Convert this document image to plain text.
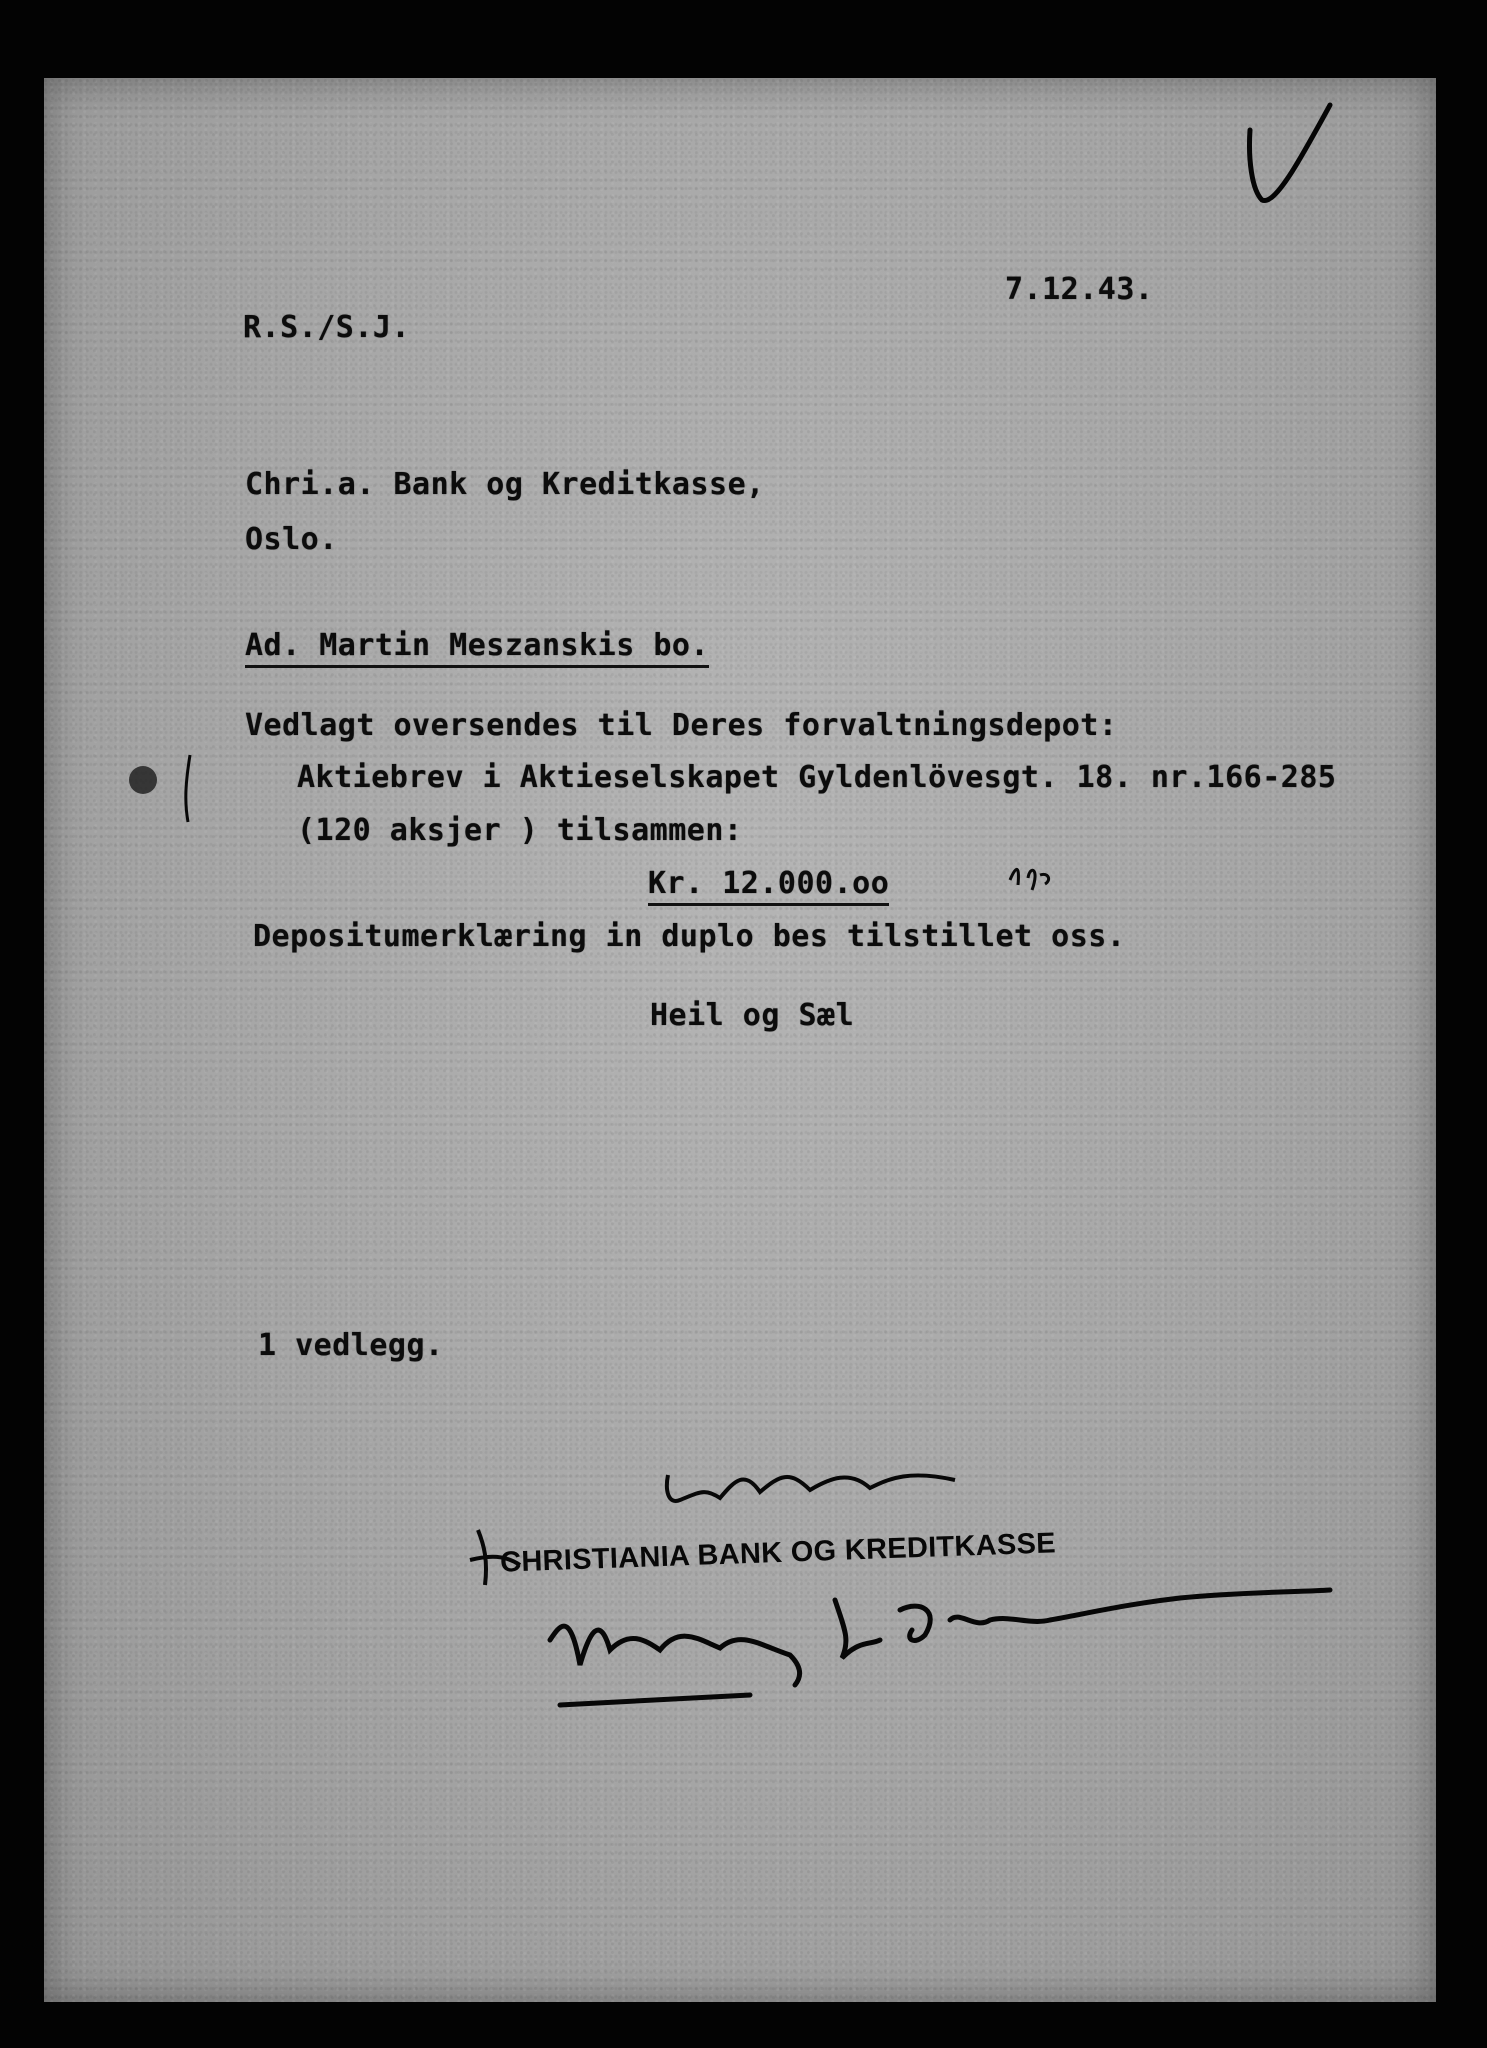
7.12.43.
R.S./S.J.
Chri.a. Bank og Kreditkasse,
Oslo.
Ad. Martin Meszanskis bo.
Vedlagt oversendes til Deres forvaltningsdepot:
Aktiebrev i Aktieselskapet Gyldenlövesgt. 18. nr.166-285
(120 aksjer ) tilsammen:
Kr. 12.000.oo
Depositumerklæring in duplo bes tilstillet oss.
Heil og Sæl
1 vedlegg.
CHRISTIANIA BANK OG KREDITKASSE
